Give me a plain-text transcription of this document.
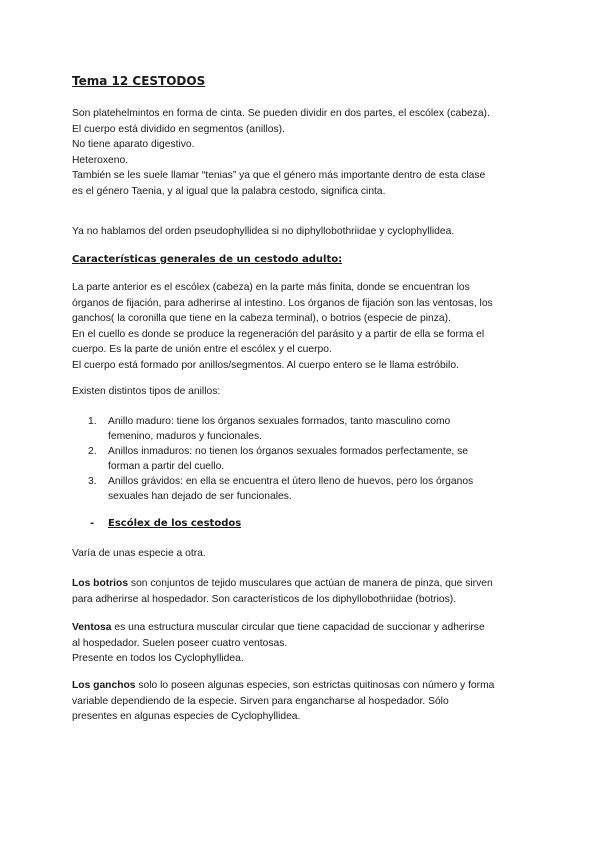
Tema 12 CESTODOS
Son platehelmintos en forma de cinta. Se pueden dividir en dos partes, el escólex (cabeza).
El cuerpo está dividido en segmentos (anillos).
No tiene aparato digestivo.
Heteroxeno.
También se les suele llamar “tenias” ya que el género más importante dentro de esta clase
es el género Taenia, y al igual que la palabra cestodo, significa cinta.
Ya no hablamos del orden pseudophyllidea si no diphyllobothriidae y cyclophyllidea.
Características generales de un cestodo adulto:
La parte anterior es el escólex (cabeza) en la parte más finita, donde se encuentran los
órganos de fijación, para adherirse al intestino. Los órganos de fijación son las ventosas, los
ganchos( la coronilla que tiene en la cabeza terminal), o botrios (especie de pinza).
En el cuello es donde se produce la regeneración del parásito y a partir de ella se forma el
cuerpo. Es la parte de unión entre el escólex y el cuerpo.
El cuerpo está formado por anillos/segmentos. Al cuerpo entero se le llama estróbilo.
Existen distintos tipos de anillos:
1. Anillo maduro: tiene los órganos sexuales formados, tanto masculino como
femenino, maduros y funcionales.
2. Anillos inmaduros: no tienen los órganos sexuales formados perfectamente, se
forman a partir del cuello.
3. Anillos grávidos: en ella se encuentra el útero lleno de huevos, pero los órganos
sexuales han dejado de ser funcionales.
- Escólex de los cestodos
Varía de unas especie a otra.
Los botrios son conjuntos de tejido musculares que actúan de manera de pinza, que sirven
para adherirse al hospedador. Son característicos de los diphyllobothriidae (botrios).
Ventosa es una estructura muscular circular que tiene capacidad de succionar y adherirse
al hospedador. Suelen poseer cuatro ventosas.
Presente en todos los Cyclophyllidea.
Los ganchos solo lo poseen algunas especies, son estrictas quitinosas con número y forma
variable dependiendo de la especie. Sirven para engancharse al hospedador. Sólo
presentes en algunas especies de Cyclophyllidea.
